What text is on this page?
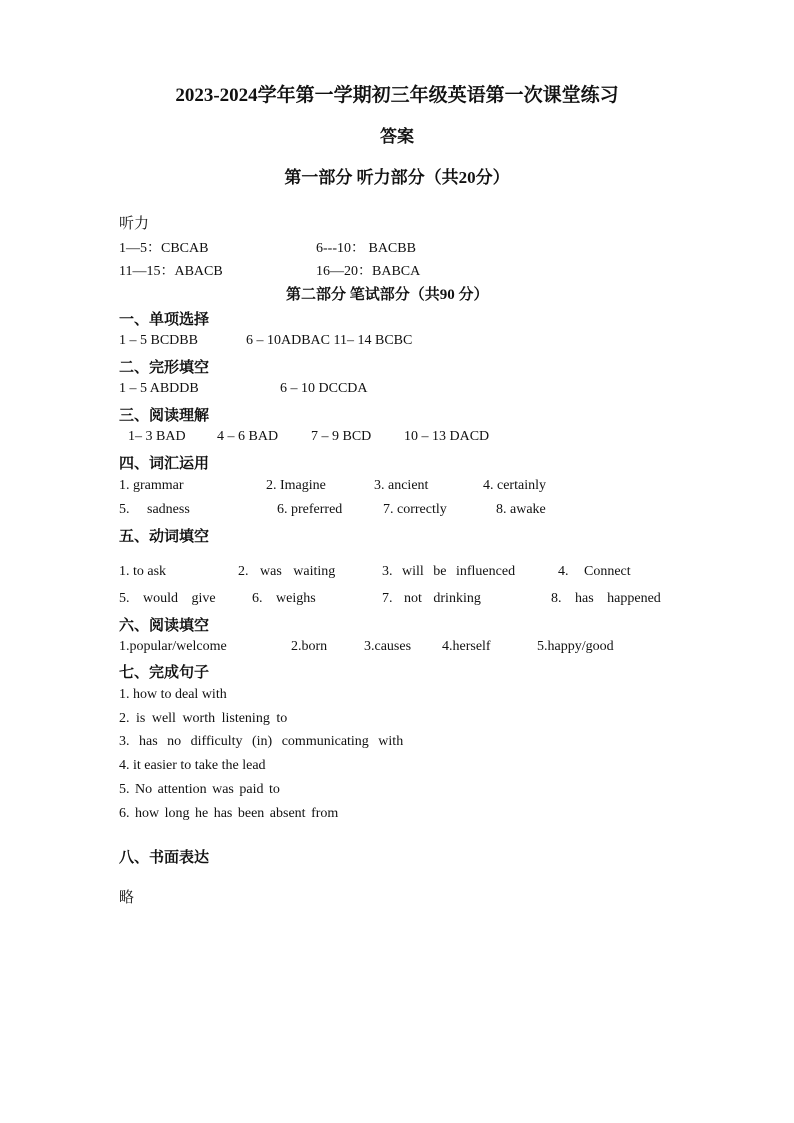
2023-2024学年第一学期初三年级英语第一次课堂练习
答案
第一部分 听力部分（共20分）
听力
1—5：CBCAB	6---10： BACBB
11—15：ABACB	16—20：BABCA
第二部分 笔试部分（共90 分）
一、单项选择
1 – 5 BCDBB	6 – 10ADBAC 11– 14 BCBC
二、完形填空
1 – 5 ABDDB	6 – 10 DCCDA
三、阅读理解
1– 3 BAD 4 – 6 BAD 7 – 9 BCD 10 – 13 DACD
四、词汇运用
1. grammar	2. Imagine	3. ancient	4. certainly
5. sadness	6. preferred	7. correctly	8. awake
五、动词填空
1. to ask	2. was waiting	3. will be influenced	4. Connect
5. would give	6. weighs	7. not drinking	8. has happened
六、阅读填空
1.popular/welcome	2.born	3.causes 4.herself	5.happy/good
七、完成句子
1. how to deal with
2. is well worth listening to
3. has no difficulty (in) communicating with
4. it easier to take the lead
5. No attention was paid to
6. how long he has been absent from
八、书面表达
略
